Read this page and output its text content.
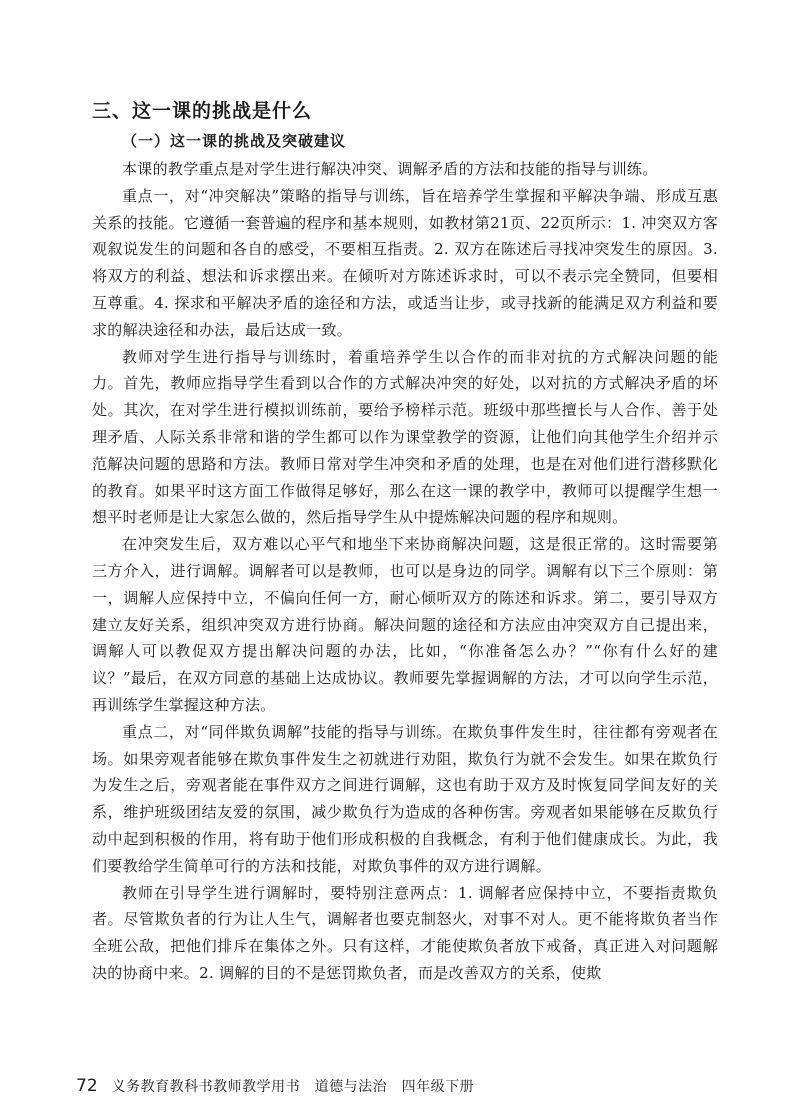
三、这一课的挑战是什么
（一）这一课的挑战及突破建议

本课的教学重点是对学生进行解决冲突、调解矛盾的方法和技能的指导与训练。

重点一，对“冲突解决”策略的指导与训练，旨在培养学生掌握和平解决争端、形成互惠关系的技能。它遵循一套普遍的程序和基本规则，如教材第21页、22页所示：1. 冲突双方客观叙说发生的问题和各自的感受，不要相互指责。2. 双方在陈述后寻找冲突发生的原因。3. 将双方的利益、想法和诉求摆出来。在倾听对方陈述诉求时，可以不表示完全赞同，但要相互尊重。4. 探求和平解决矛盾的途径和方法，或适当让步，或寻找新的能满足双方利益和要求的解决途径和办法，最后达成一致。

教师对学生进行指导与训练时，着重培养学生以合作的而非对抗的方式解决问题的能力。首先，教师应指导学生看到以合作的方式解决冲突的好处，以对抗的方式解决矛盾的坏处。其次，在对学生进行模拟训练前，要给予榜样示范。班级中那些擅长与人合作、善于处理矛盾、人际关系非常和谐的学生都可以作为课堂教学的资源，让他们向其他学生介绍并示范解决问题的思路和方法。教师日常对学生冲突和矛盾的处理，也是在对他们进行潜移默化的教育。如果平时这方面工作做得足够好，那么在这一课的教学中，教师可以提醒学生想一想平时老师是让大家怎么做的，然后指导学生从中提炼解决问题的程序和规则。

在冲突发生后，双方难以心平气和地坐下来协商解决问题，这是很正常的。这时需要第三方介入，进行调解。调解者可以是教师，也可以是身边的同学。调解有以下三个原则：第一，调解人应保持中立，不偏向任何一方，耐心倾听双方的陈述和诉求。第二，要引导双方建立友好关系，组织冲突双方进行协商。解决问题的途径和方法应由冲突双方自己提出来，调解人可以教促双方提出解决问题的办法，比如，“你准备怎么办？”“你有什么好的建议？”最后，在双方同意的基础上达成协议。教师要先掌握调解的方法，才可以向学生示范，再训练学生掌握这种方法。

重点二，对“同伴欺负调解”技能的指导与训练。在欺负事件发生时，往往都有旁观者在场。如果旁观者能够在欺负事件发生之初就进行劝阻，欺负行为就不会发生。如果在欺负行为发生之后，旁观者能在事件双方之间进行调解，这也有助于双方及时恢复同学间友好的关系，维护班级团结友爱的氛围，减少欺负行为造成的各种伤害。旁观者如果能够在反欺负行动中起到积极的作用，将有助于他们形成积极的自我概念，有利于他们健康成长。为此，我们要教给学生简单可行的方法和技能，对欺负事件的双方进行调解。

教师在引导学生进行调解时，要特别注意两点：1. 调解者应保持中立，不要指责欺负者。尽管欺负者的行为让人生气，调解者也要克制怒火，对事不对人。更不能将欺负者当作全班公敌，把他们排斥在集体之外。只有这样，才能使欺负者放下戒备，真正进入对问题解决的协商中来。2. 调解的目的不是惩罚欺负者，而是改善双方的关系，使欺

72 义务教育教科书教师教学用书　道德与法治　四年级下册
